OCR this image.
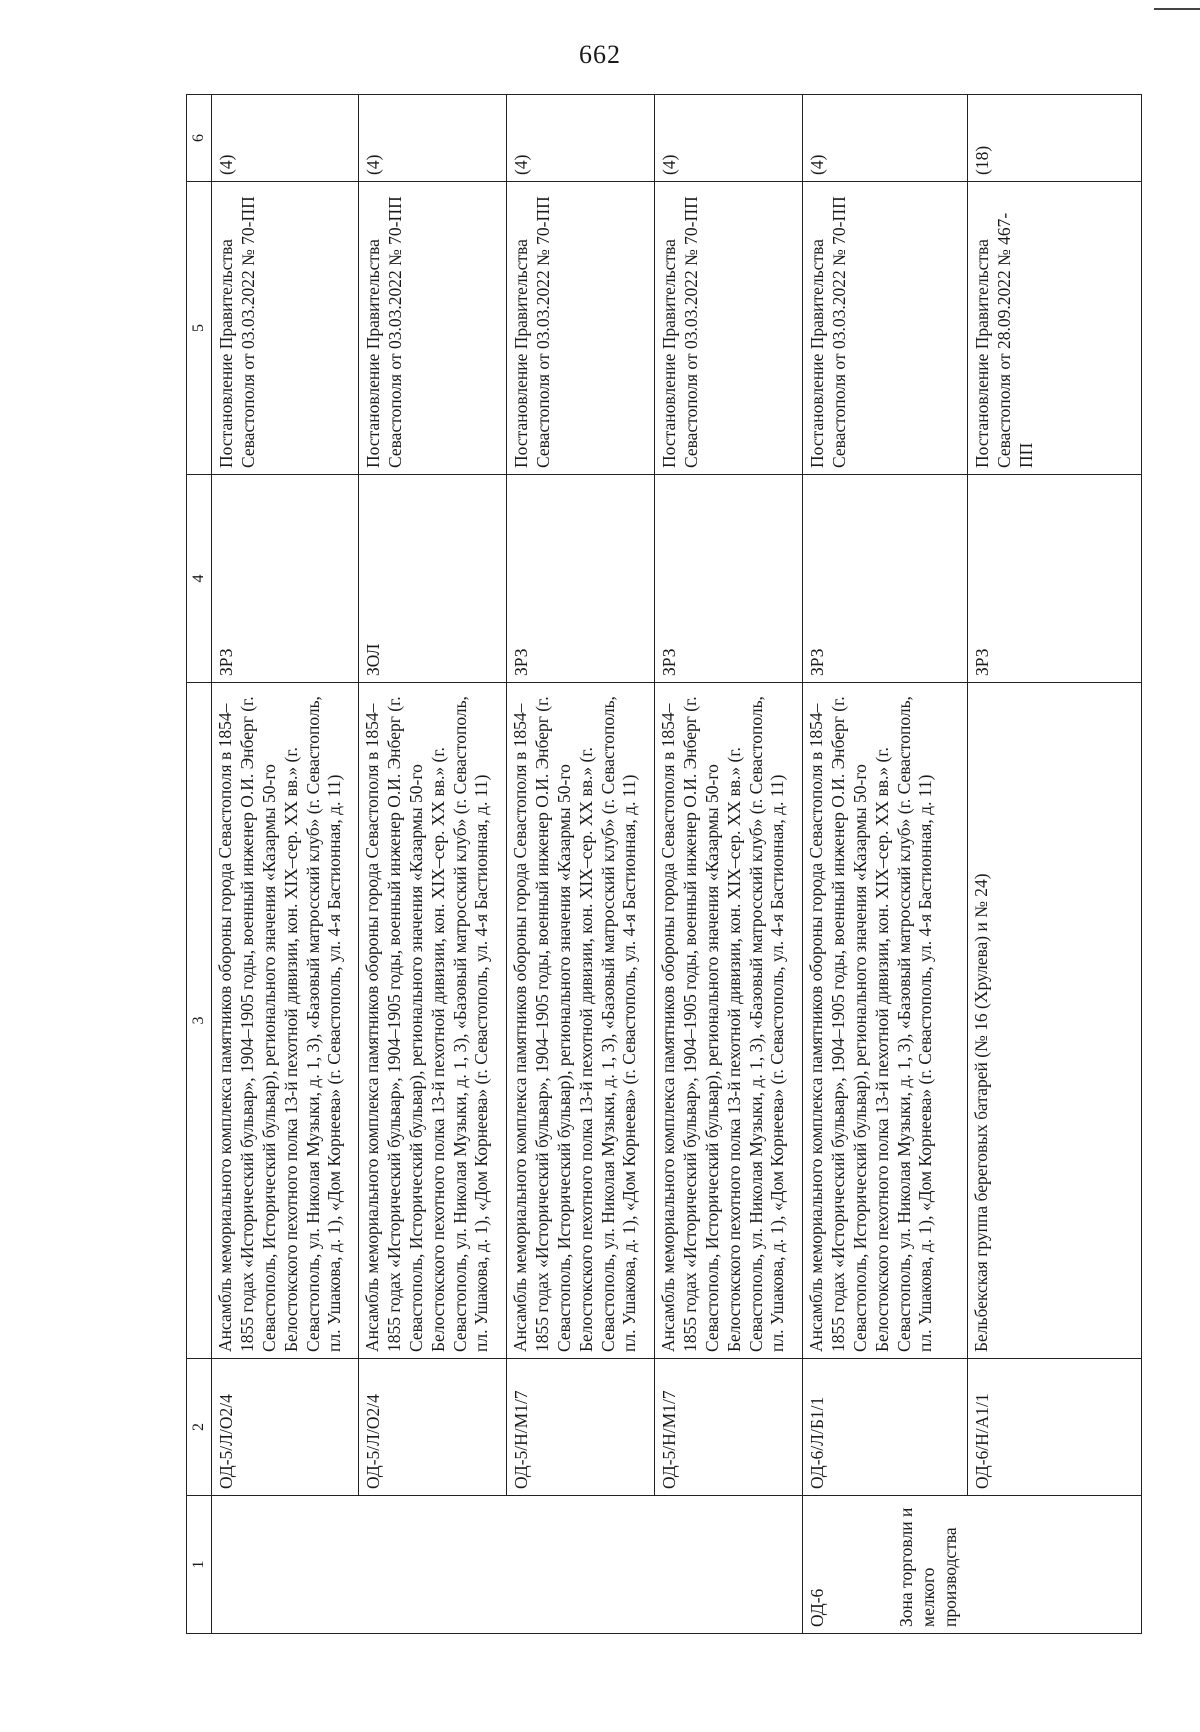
662
1	2	3	4	5	6

	ОД-5/Л/О2/4	Ансамбль мемориального комплекса памятников обороны города Севастополя в 1854–1855 годах «Исторический бульвар», 1904–1905 годы, военный инженер О.И. Энберг (г. Севастополь, Исторический бульвар), регионального значения «Казармы 50-го Белостокского пехотного полка 13-й пехотной дивизии, кон. XIX–сер. XX вв.» (г. Севастополь, ул. Николая Музыки, д. 1, 3), «Базовый матросский клуб» (г. Севастополь, пл. Ушакова, д. 1), «Дом Корнеева» (г. Севастополь, ул. 4-я Бастионная, д. 11)	ЗРЗ	Постановление Правительства Севастополя от 03.03.2022 № 70-ПП	(4)

	ОД-5/Л/О2/4	Ансамбль мемориального комплекса памятников обороны города Севастополя в 1854–1855 годах «Исторический бульвар», 1904–1905 годы, военный инженер О.И. Энберг (г. Севастополь, Исторический бульвар), регионального значения «Казармы 50-го Белостокского пехотного полка 13-й пехотной дивизии, кон. XIX–сер. XX вв.» (г. Севастополь, ул. Николая Музыки, д. 1, 3), «Базовый матросский клуб» (г. Севастополь, пл. Ушакова, д. 1), «Дом Корнеева» (г. Севастополь, ул. 4-я Бастионная, д. 11)	ЗОЛ	Постановление Правительства Севастополя от 03.03.2022 № 70-ПП	(4)

	ОД-5/Н/М1/7	Ансамбль мемориального комплекса памятников обороны города Севастополя в 1854–1855 годах «Исторический бульвар», 1904–1905 годы, военный инженер О.И. Энберг (г. Севастополь, Исторический бульвар), регионального значения «Казармы 50-го Белостокского пехотного полка 13-й пехотной дивизии, кон. XIX–сер. XX вв.» (г. Севастополь, ул. Николая Музыки, д. 1, 3), «Базовый матросский клуб» (г. Севастополь, пл. Ушакова, д. 1), «Дом Корнеева» (г. Севастополь, ул. 4-я Бастионная, д. 11)	ЗРЗ	Постановление Правительства Севастополя от 03.03.2022 № 70-ПП	(4)

	ОД-5/Н/М1/7	Ансамбль мемориального комплекса памятников обороны города Севастополя в 1854–1855 годах «Исторический бульвар», 1904–1905 годы, военный инженер О.И. Энберг (г. Севастополь, Исторический бульвар), регионального значения «Казармы 50-го Белостокского пехотного полка 13-й пехотной дивизии, кон. XIX–сер. XX вв.» (г. Севастополь, ул. Николая Музыки, д. 1, 3), «Базовый матросский клуб» (г. Севастополь, пл. Ушакова, д. 1), «Дом Корнеева» (г. Севастополь, ул. 4-я Бастионная, д. 11)	ЗРЗ	Постановление Правительства Севастополя от 03.03.2022 № 70-ПП	(4)

ОД-6 Зона торговли и мелкого производства	ОД-6/Л/Б1/1	Ансамбль мемориального комплекса памятников обороны города Севастополя в 1854–1855 годах «Исторический бульвар», 1904–1905 годы, военный инженер О.И. Энберг (г. Севастополь, Исторический бульвар), регионального значения «Казармы 50-го Белостокского пехотного полка 13-й пехотной дивизии, кон. XIX–сер. XX вв.» (г. Севастополь, ул. Николая Музыки, д. 1, 3), «Базовый матросский клуб» (г. Севастополь, пл. Ушакова, д. 1), «Дом Корнеева» (г. Севастополь, ул. 4-я Бастионная, д. 11)	ЗРЗ	Постановление Правительства Севастополя от 03.03.2022 № 70-ПП	(4)

	ОД-6/Н/А1/1	Бельбекская группа береговых батарей (№ 16 (Хрулева) и № 24)	ЗРЗ	Постановление Правительства Севастополя от 28.09.2022 № 467-ПП	(18)
